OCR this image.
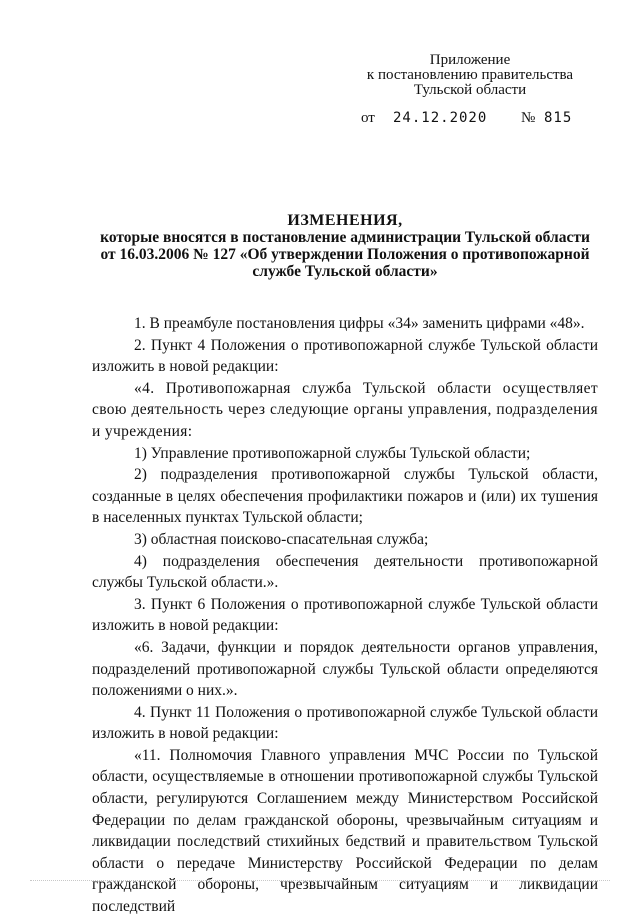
Приложение
к постановлению правительства
Тульской области
от 24.12.2020 № 815
ИЗМЕНЕНИЯ,
которые вносятся в постановление администрации Тульской области
от 16.03.2006 № 127 «Об утверждении Положения о противопожарной
службе Тульской области»

1. В преамбуле постановления цифры «34» заменить цифрами «48».

2. Пункт 4 Положения о противопожарной службе Тульской области изложить в новой редакции:

«4. Противопожарная служба Тульской области осуществляет свою деятельность через следующие органы управления, подразделения и учреждения:

1) Управление противопожарной службы Тульской области;

2) подразделения противопожарной службы Тульской области, созданные в целях обеспечения профилактики пожаров и (или) их тушения в населенных пунктах Тульской области;

3) областная поисково-спасательная служба;

4) подразделения обеспечения деятельности противопожарной службы Тульской области.».

3. Пункт 6 Положения о противопожарной службе Тульской области изложить в новой редакции:

«6. Задачи, функции и порядок деятельности органов управления, подразделений противопожарной службы Тульской области определяются положениями о них.».

4. Пункт 11 Положения о противопожарной службе Тульской области изложить в новой редакции:

«11. Полномочия Главного управления МЧС России по Тульской области, осуществляемые в отношении противопожарной службы Тульской области, регулируются Соглашением между Министерством Российской Федерации по делам гражданской обороны, чрезвычайным ситуациям и ликвидации последствий стихийных бедствий и правительством Тульской области о передаче Министерству Российской Федерации по делам гражданской обороны, чрезвычайным ситуациям и ликвидации последствий
